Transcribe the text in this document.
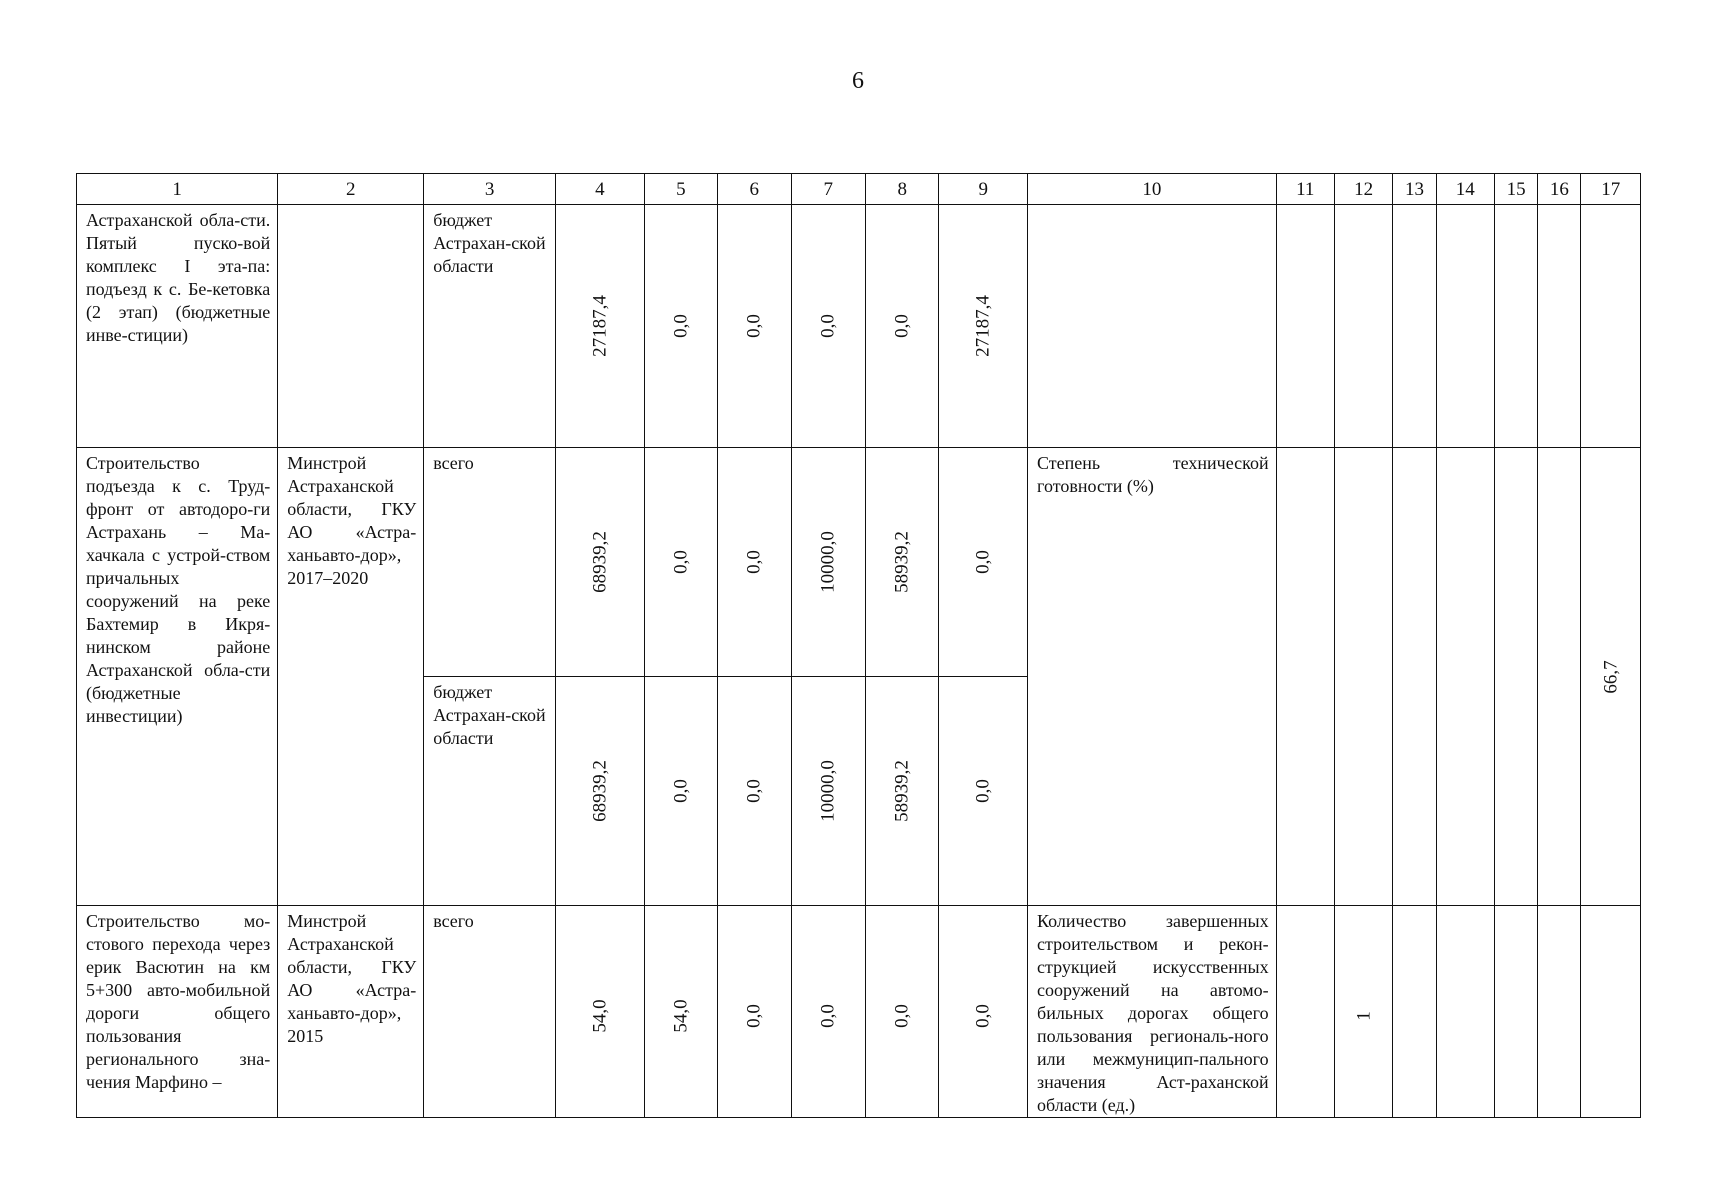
6
1	2	3	4	5	6	7	8	9	10	11	12	13	14	15	16	17

Астраханской обла-сти. Пятый пуско-вой комплекс I эта-па: подъезд к с. Бе-кетовка (2 этап) (бюджетные инве-стиции)		бюджет Астрахан-ской области	27187,4	0,0	0,0	0,0	0,0	27187,4								

Строительство подъезда к с. Труд-фронт от автодоро-ги Астрахань – Ма-хачкала с устрой-ством причальных сооружений на реке Бахтемир в Икря-нинском районе Астраханской обла-сти (бюджетные инвестиции)	Минстрой Астраханской области, ГКУ АО «Астра-ханьавто-дор», 2017–2020	всего	68939,2	0,0	0,0	10000,0	58939,2	0,0	Степень технической готовности (%)							66,7

		бюджет Астрахан-ской области	68939,2	0,0	0,0	10000,0	58939,2	0,0								

Строительство мо-стового перехода через ерик Васютин на км 5+300 авто-мобильной дороги общего пользования регионального зна-чения Марфино –	Минстрой Астраханской области, ГКУ АО «Астра-ханьавто-дор», 2015	всего	54,0	54,0	0,0	0,0	0,0	0,0	Количество завершенных строительством и рекон-струкцией искусственных сооружений на автомо-бильных дорогах общего пользования региональ-ного или межмуницип-пального значения Аст-раханской области (ед.)		1					
